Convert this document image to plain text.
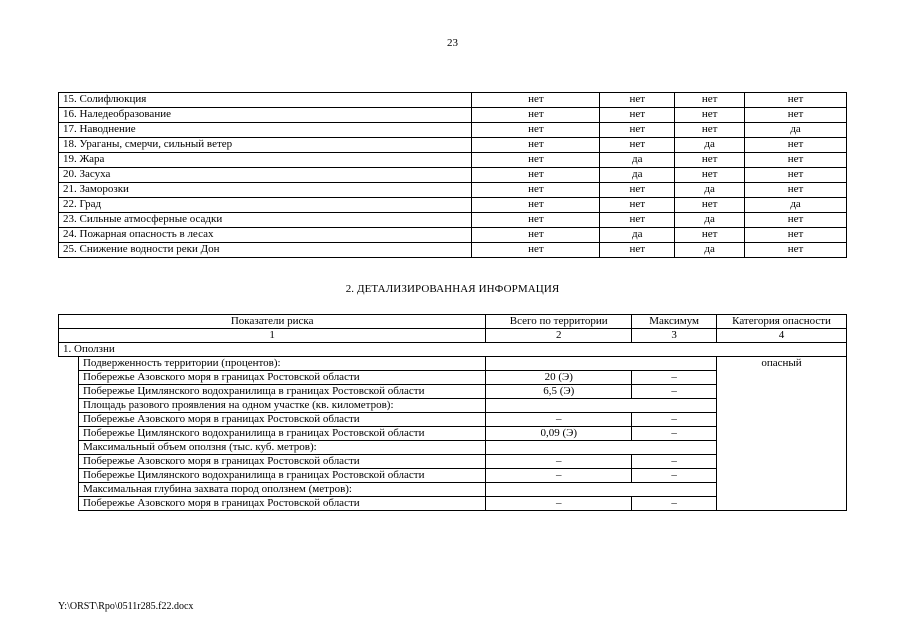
23
15. Солифлюкция	нет	нет	нет	нет
16. Наледеобразование	нет	нет	нет	нет
17. Наводнение	нет	нет	нет	да
18. Ураганы, смерчи, сильный ветер	нет	нет	да	нет
19. Жара	нет	да	нет	нет
20. Засуха	нет	да	нет	нет
21. Заморозки	нет	нет	да	нет
22. Град	нет	нет	нет	да
23. Сильные атмосферные осадки	нет	нет	да	нет
24. Пожарная опасность в лесах	нет	да	нет	нет
25. Снижение водности реки Дон	нет	нет	да	нет
2. ДЕТАЛИЗИРОВАННАЯ ИНФОРМАЦИЯ
Показатели риска		Всего по территории	Максимум	Категория опасности
1		2	3	4
1. Оползни				
	Подверженность территории (процентов):			опасный
	Побережье Азовского моря в границах Ростовской области	20 (Э)	–	
	Побережье Цимлянского водохранилища в границах Ростовской области	6,5 (Э)	–	
	Площадь разового проявления на одном участке (кв. километров):			
	Побережье Азовского моря в границах Ростовской области	–	–	
	Побережье Цимлянского водохранилища в границах Ростовской области	0,09 (Э)	–	
	Максимальный объем оползня (тыс. куб. метров):			
	Побережье Азовского моря в границах Ростовской области	–	–	
	Побережье Цимлянского водохранилища в границах Ростовской области	–	–	
	Максимальная глубина захвата пород оползнем (метров):			
	Побережье Азовского моря в границах Ростовской области	–	–	
Y:\ORST\Rpo\0511r285.f22.docx
